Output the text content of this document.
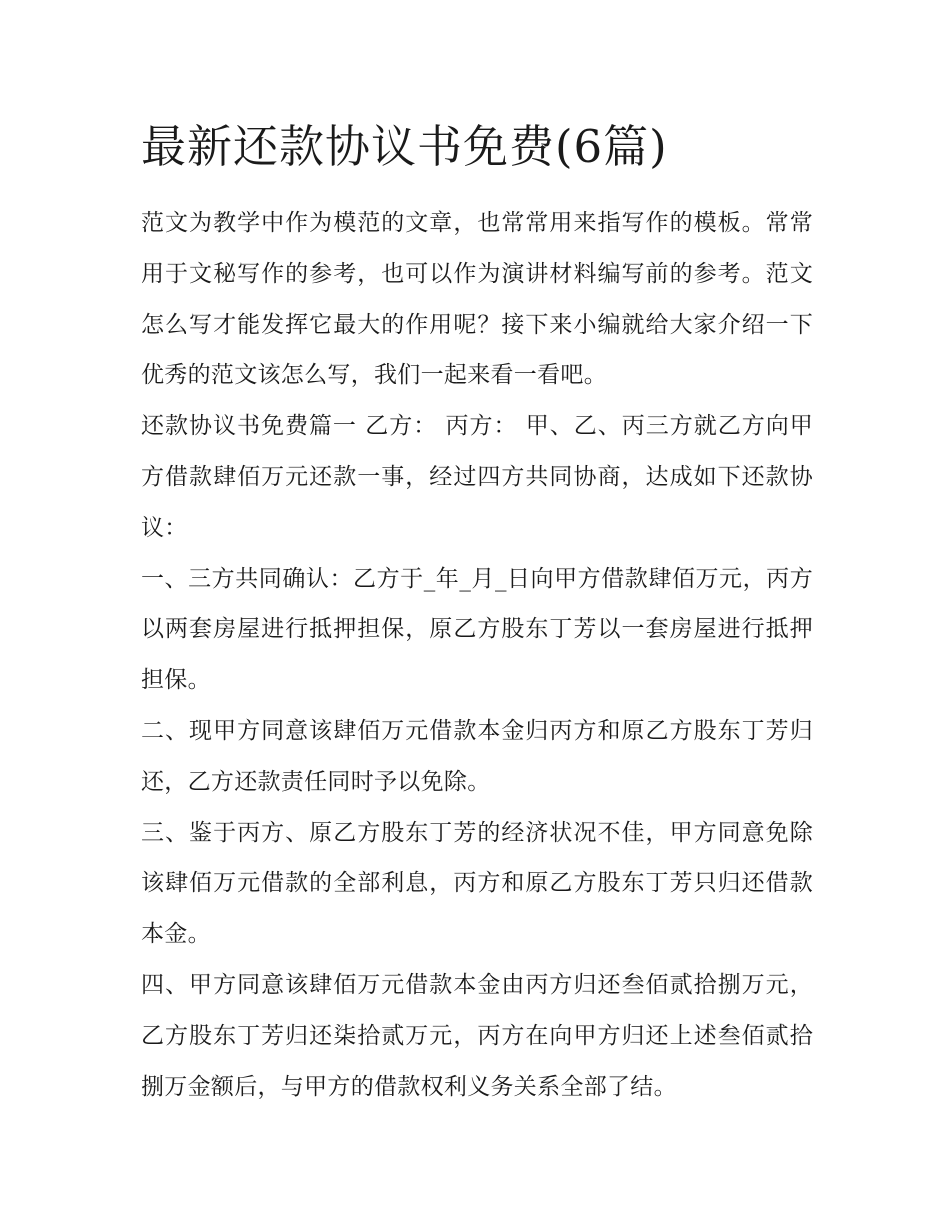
最新还款协议书免费(6篇)

范文为教学中作为模范的文章，也常常用来指写作的模板。常常用于文秘写作的参考，也可以作为演讲材料编写前的参考。范文怎么写才能发挥它最大的作用呢？接下来小编就给大家介绍一下优秀的范文该怎么写，我们一起来看一看吧。

还款协议书免费篇一 乙方： 丙方： 甲、乙、丙三方就乙方向甲方借款肆佰万元还款一事，经过四方共同协商，达成如下还款协议：

一、三方共同确认：乙方于_年_月_日向甲方借款肆佰万元，丙方以两套房屋进行抵押担保，原乙方股东丁芳以一套房屋进行抵押担保。

二、现甲方同意该肆佰万元借款本金归丙方和原乙方股东丁芳归还，乙方还款责任同时予以免除。

三、鉴于丙方、原乙方股东丁芳的经济状况不佳，甲方同意免除该肆佰万元借款的全部利息，丙方和原乙方股东丁芳只归还借款本金。

四、甲方同意该肆佰万元借款本金由丙方归还叁佰贰拾捌万元，乙方股东丁芳归还柒拾贰万元，丙方在向甲方归还上述叁佰贰拾捌万金额后，与甲方的借款权利义务关系全部了结。
